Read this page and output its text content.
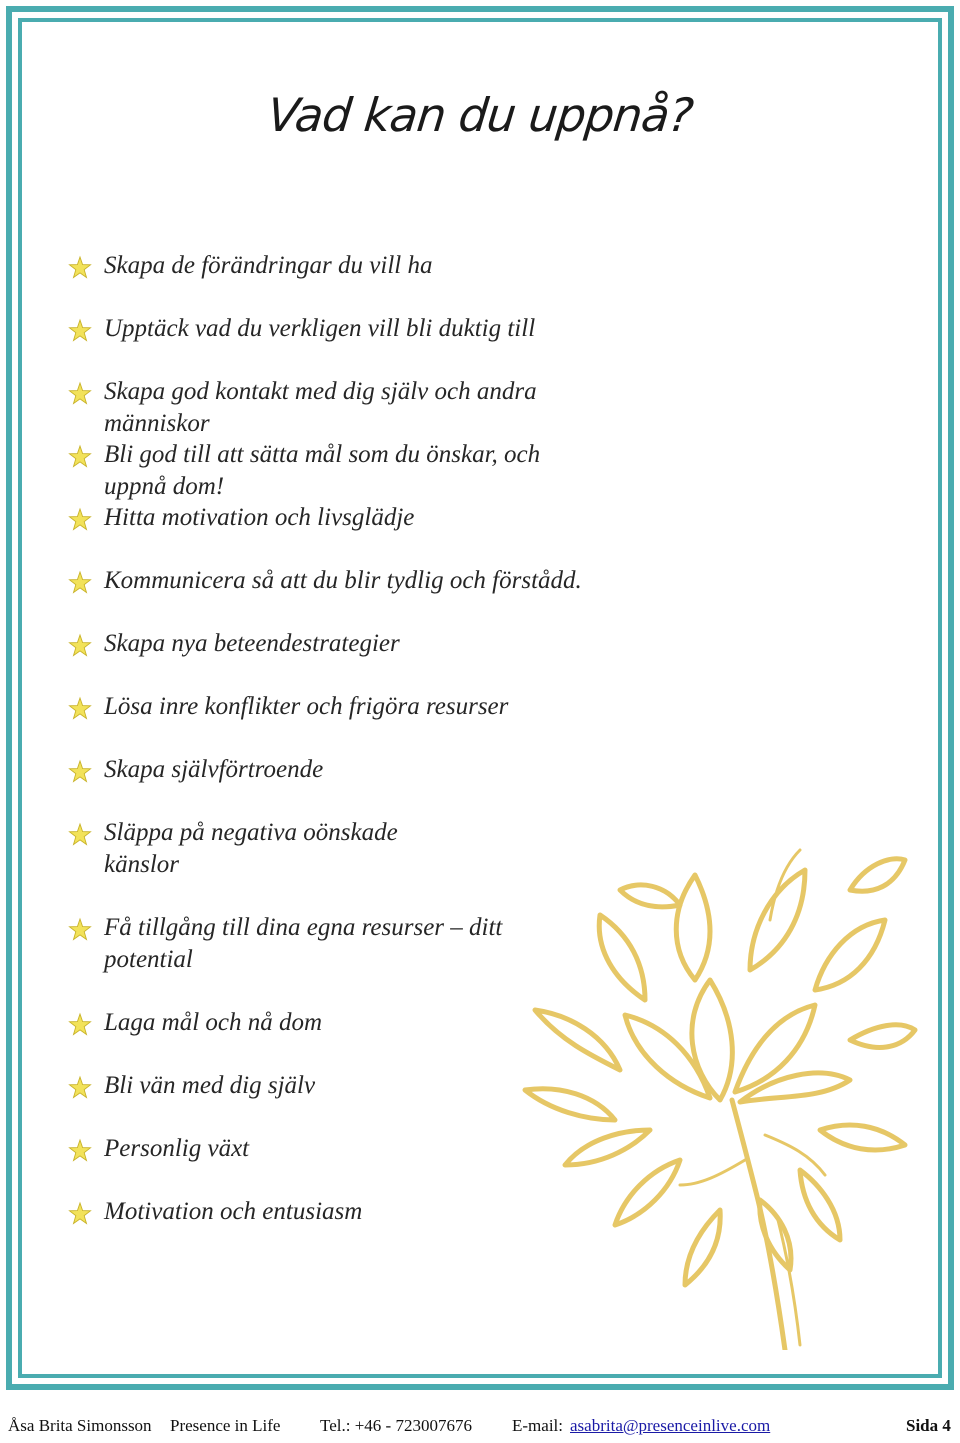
Vad kan du uppnå?
Skapa de förändringar du vill ha
Upptäck vad du verkligen vill bli duktig till
Skapa god kontakt med dig själv och andra människor
Bli god till att sätta mål som du önskar, och uppnå dom!
Hitta motivation och livsglädje
Kommunicera så att du blir tydlig och förstådd.
Skapa nya beteendestrategier
Lösa inre konflikter och frigöra resurser
Skapa självförtroende
Släppa på negativa oönskade känslor
Få tillgång till dina egna resurser – ditt potential
Laga mål och nå dom
Bli vän med dig själv
Personlig växt
Motivation och entusiasm
Åsa Brita Simonsson Presence in Life Tel.: +46 - 723007676 E-mail: asabrita@presenceinlive.com	Sida 4
